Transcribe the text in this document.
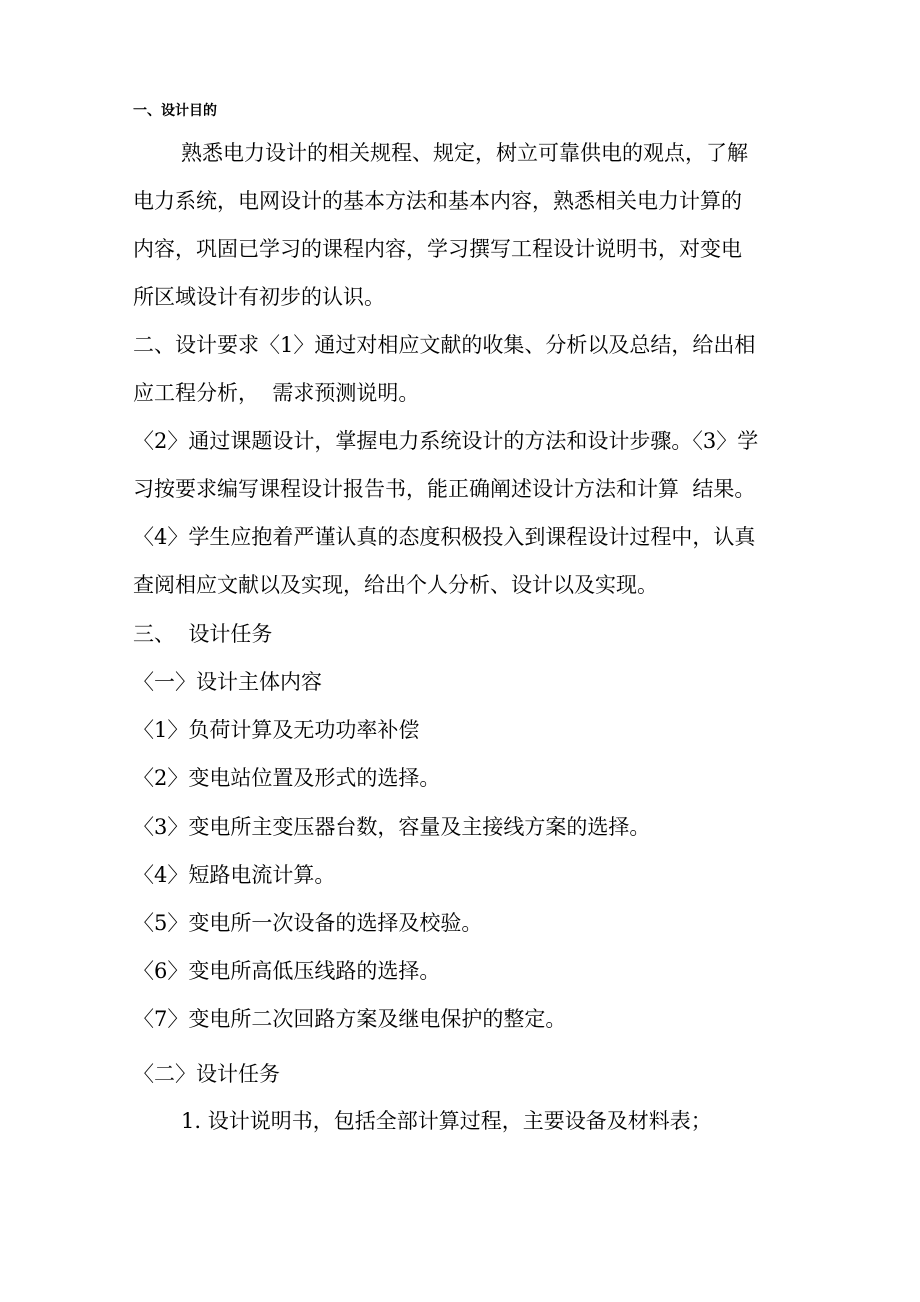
一、设计目的
熟悉电力设计的相关规程、规定，树立可靠供电的观点，了解
电力系统，电网设计的基本方法和基本内容，熟悉相关电力计算的
内容，巩固已学习的课程内容，学习撰写工程设计说明书，对变电
所区域设计有初步的认识。
二、设计要求〈1〉通过对相应文献的收集、分析以及总结，给出相
应工程分析，  需求预测说明。
〈2〉通过课题设计，掌握电力系统设计的方法和设计步骤。〈3〉学
习按要求编写课程设计报告书，能正确阐述设计方法和计算  结果。
〈4〉学生应抱着严谨认真的态度积极投入到课程设计过程中，认真
查阅相应文献以及实现，给出个人分析、设计以及实现。
三、  设计任务
〈一〉设计主体内容
〈1〉负荷计算及无功功率补偿
〈2〉变电站位置及形式的选择。
〈3〉变电所主变压器台数，容量及主接线方案的选择。
〈4〉短路电流计算。
〈5〉变电所一次设备的选择及校验。
〈6〉变电所高低压线路的选择。
〈7〉变电所二次回路方案及继电保护的整定。
〈二〉设计任务
1. 设计说明书，包括全部计算过程，主要设备及材料表；
